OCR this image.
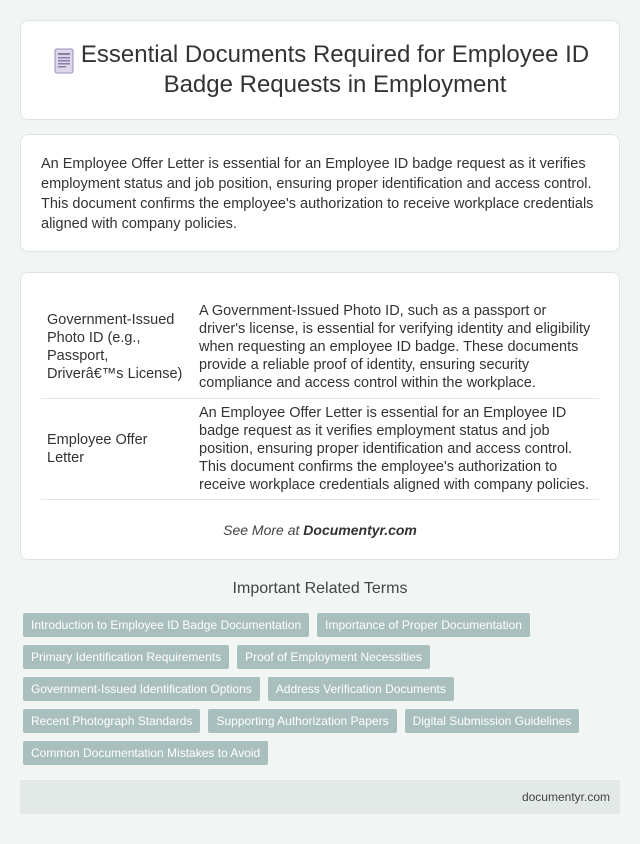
Essential Documents Required for Employee ID Badge Requests in Employment

An Employee Offer Letter is essential for an Employee ID badge request as it verifies employment status and job position, ensuring proper identification and access control. This document confirms the employee's authorization to receive workplace credentials aligned with company policies.

Government-Issued Photo ID (e.g., Passport, Driverâ€™s License)	A Government-Issued Photo ID, such as a passport or driver's license, is essential for verifying identity and eligibility when requesting an employee ID badge. These documents provide a reliable proof of identity, ensuring security compliance and access control within the workplace.
Employee Offer Letter	An Employee Offer Letter is essential for an Employee ID badge request as it verifies employment status and job position, ensuring proper identification and access control. This document confirms the employee's authorization to receive workplace credentials aligned with company policies.
See More at Documentyr.com
Important Related Terms
Introduction to Employee ID Badge Documentation	Importance of Proper Documentation
Primary Identification Requirements	Proof of Employment Necessities
Government-Issued Identification Options	Address Verification Documents
Recent Photograph Standards	Supporting Authorization Papers	Digital Submission Guidelines
Common Documentation Mistakes to Avoid
documentyr.com
